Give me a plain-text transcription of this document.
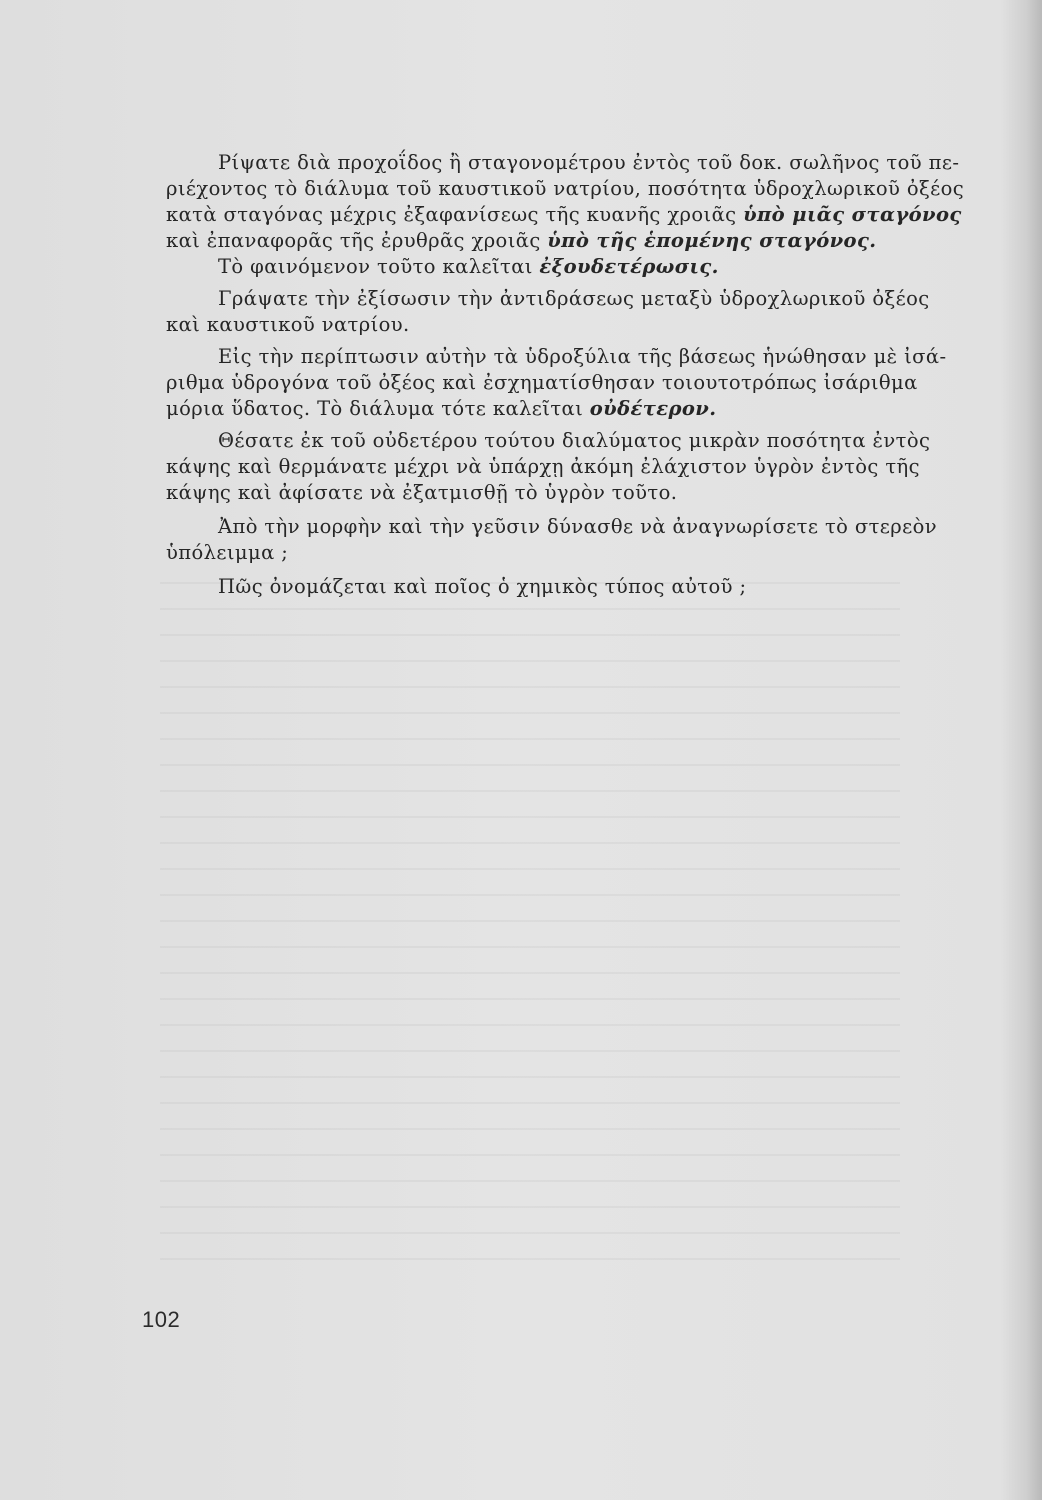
Ρίψατε διὰ προχοΐδος ἢ σταγονομέτρου ἐντὸς τοῦ δοκ. σωλῆνος τοῦ πε-
ριέχοντος τὸ διάλυμα τοῦ καυστικοῦ νατρίου, ποσότητα ὑδροχλωρικοῦ ὀξέος
κατὰ σταγόνας μέχρις ἐξαφανίσεως τῆς κυανῆς χροιᾶς ὑπὸ μιᾶς σταγόνος
καὶ ἐπαναφορᾶς τῆς ἐρυθρᾶς χροιᾶς ὑπὸ τῆς ἑπομένης σταγόνος.
Τὸ φαινόμενον τοῦτο καλεῖται ἐξουδετέρωσις.
Γράψατε τὴν ἐξίσωσιν τὴν ἀντιδράσεως μεταξὺ ὑδροχλωρικοῦ ὀξέος
καὶ καυστικοῦ νατρίου.
Εἰς τὴν περίπτωσιν αὐτὴν τὰ ὑδροξύλια τῆς βάσεως ἡνώθησαν μὲ ἰσά-
ριθμα ὑδρογόνα τοῦ ὀξέος καὶ ἐσχηματίσθησαν τοιουτοτρόπως ἰσάριθμα
μόρια ὕδατος. Τὸ διάλυμα τότε καλεῖται οὐδέτερον.
Θέσατε ἐκ τοῦ οὐδετέρου τούτου διαλύματος μικρὰν ποσότητα ἐντὸς
κάψης καὶ θερμάνατε μέχρι νὰ ὑπάρχῃ ἀκόμη ἐλάχιστον ὑγρὸν ἐντὸς τῆς
κάψης καὶ ἀφίσατε νὰ ἐξατμισθῇ τὸ ὑγρὸν τοῦτο.
Ἀπὸ τὴν μορφὴν καὶ τὴν γεῦσιν δύνασθε νὰ ἀναγνωρίσετε τὸ στερεὸν
ὑπόλειμμα ;
Πῶς ὀνομάζεται καὶ ποῖος ὁ χημικὸς τύπος αὐτοῦ ;
102
